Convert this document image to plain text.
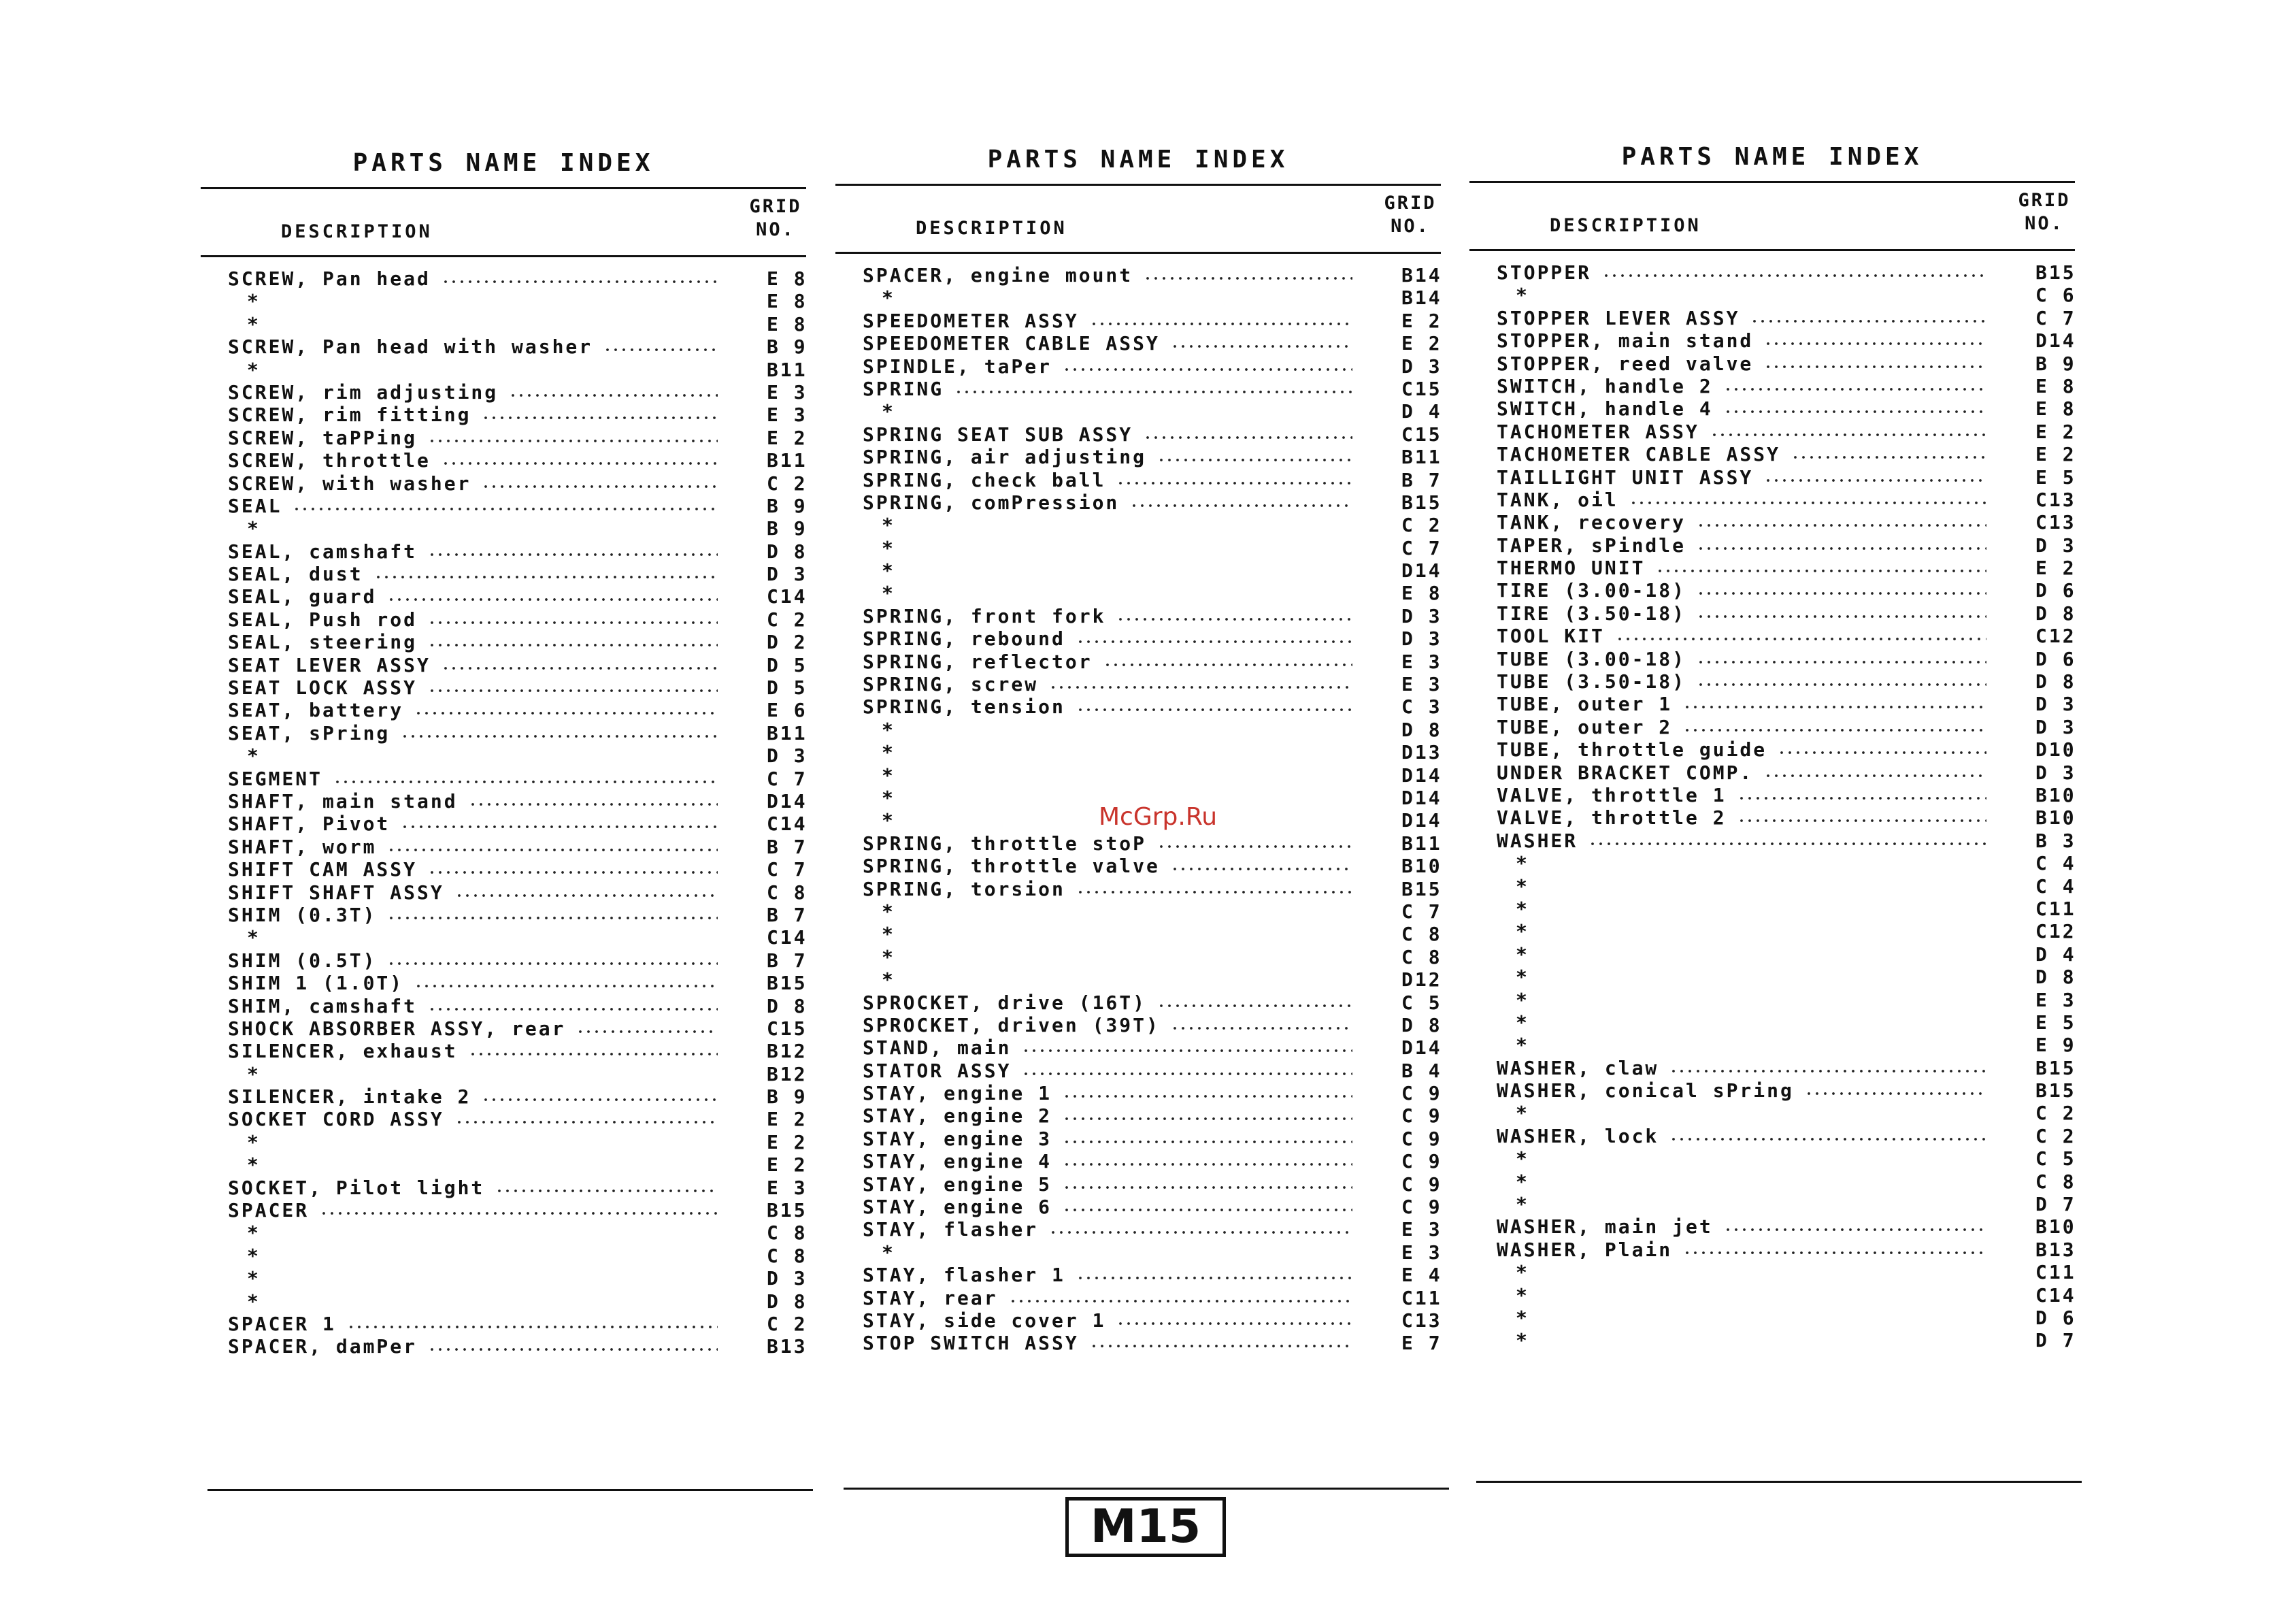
PARTS NAME INDEX
DESCRIPTION
GRID NO.
SCREW, Pan head	E 8
*	E 8
*	E 8
SCREW, Pan head with washer	B 9
*	B11
SCREW, rim adjusting	E 3
SCREW, rim fitting	E 3
SCREW, taPPing	E 2
SCREW, throttle	B11
SCREW, with washer	C 2
SEAL	B 9
*	B 9
SEAL, camshaft	D 8
SEAL, dust	D 3
SEAL, guard	C14
SEAL, Push rod	C 2
SEAL, steering	D 2
SEAT LEVER ASSY	D 5
SEAT LOCK ASSY	D 5
SEAT, battery	E 6
SEAT, sPring	B11
*	D 3
SEGMENT	C 7
SHAFT, main stand	D14
SHAFT, Pivot	C14
SHAFT, worm	B 7
SHIFT CAM ASSY	C 7
SHIFT SHAFT ASSY	C 8
SHIM (0.3T)	B 7
*	C14
SHIM (0.5T)	B 7
SHIM 1 (1.0T)	B15
SHIM, camshaft	D 8
SHOCK ABSORBER ASSY, rear	C15
SILENCER, exhaust	B12
*	B12
SILENCER, intake 2	B 9
SOCKET CORD ASSY	E 2
*	E 2
*	E 2
SOCKET, Pilot light	E 3
SPACER	B15
*	C 8
*	C 8
*	D 3
*	D 8
SPACER 1	C 2
SPACER, damPer	B13
PARTS NAME INDEX
DESCRIPTION
GRID NO.
SPACER, engine mount	B14
*	B14
SPEEDOMETER ASSY	E 2
SPEEDOMETER CABLE ASSY	E 2
SPINDLE, taPer	D 3
SPRING	C15
*	D 4
SPRING SEAT SUB ASSY	C15
SPRING, air adjusting	B11
SPRING, check ball	B 7
SPRING, comPression	B15
*	C 2
*	C 7
*	D14
*	E 8
SPRING, front fork	D 3
SPRING, rebound	D 3
SPRING, reflector	E 3
SPRING, screw	E 3
SPRING, tension	C 3
*	D 8
*	D13
*	D14
*	D14
*	D14
SPRING, throttle stoP	B11
SPRING, throttle valve	B10
SPRING, torsion	B15
*	C 7
*	C 8
*	C 8
*	D12
SPROCKET, drive (16T)	C 5
SPROCKET, driven (39T)	D 8
STAND, main	D14
STATOR ASSY	B 4
STAY, engine 1	C 9
STAY, engine 2	C 9
STAY, engine 3	C 9
STAY, engine 4	C 9
STAY, engine 5	C 9
STAY, engine 6	C 9
STAY, flasher	E 3
*	E 3
STAY, flasher 1	E 4
STAY, rear	C11
STAY, side cover 1	C13
STOP SWITCH ASSY	E 7
PARTS NAME INDEX
DESCRIPTION
GRID NO.
STOPPER	B15
*	C 6
STOPPER LEVER ASSY	C 7
STOPPER, main stand	D14
STOPPER, reed valve	B 9
SWITCH, handle 2	E 8
SWITCH, handle 4	E 8
TACHOMETER ASSY	E 2
TACHOMETER CABLE ASSY	E 2
TAILLIGHT UNIT ASSY	E 5
TANK, oil	C13
TANK, recovery	C13
TAPER, sPindle	D 3
THERMO UNIT	E 2
TIRE (3.00-18)	D 6
TIRE (3.50-18)	D 8
TOOL KIT	C12
TUBE (3.00-18)	D 6
TUBE (3.50-18)	D 8
TUBE, outer 1	D 3
TUBE, outer 2	D 3
TUBE, throttle guide	D10
UNDER BRACKET COMP.	D 3
VALVE, throttle 1	B10
VALVE, throttle 2	B10
WASHER	B 3
*	C 4
*	C 4
*	C11
*	C12
*	D 4
*	D 8
*	E 3
*	E 5
*	E 9
WASHER, claw	B15
WASHER, conical sPring	B15
*	C 2
WASHER, lock	C 2
*	C 5
*	C 8
*	D 7
WASHER, main jet	B10
WASHER, Plain	B13
*	C11
*	C14
*	D 6
*	D 7
McGrp.Ru
M15
